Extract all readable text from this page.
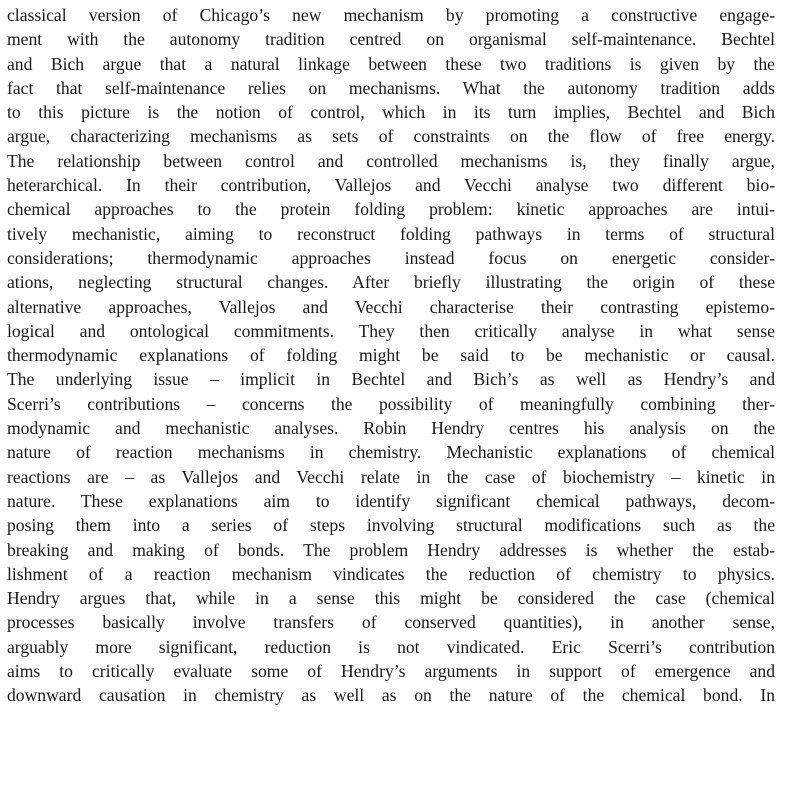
classical version of Chicago’s new mechanism by promoting a constructive engage-
ment with the autonomy tradition centred on organismal self-maintenance. Bechtel
and Bich argue that a natural linkage between these two traditions is given by the
fact that self-maintenance relies on mechanisms. What the autonomy tradition adds
to this picture is the notion of control, which in its turn implies, Bechtel and Bich
argue, characterizing mechanisms as sets of constraints on the flow of free energy.
The relationship between control and controlled mechanisms is, they finally argue,
heterarchical. In their contribution, Vallejos and Vecchi analyse two different bio-
chemical approaches to the protein folding problem: kinetic approaches are intui-
tively mechanistic, aiming to reconstruct folding pathways in terms of structural
considerations; thermodynamic approaches instead focus on energetic consider-
ations, neglecting structural changes. After briefly illustrating the origin of these
alternative approaches, Vallejos and Vecchi characterise their contrasting epistemo-
logical and ontological commitments. They then critically analyse in what sense
thermodynamic explanations of folding might be said to be mechanistic or causal.
The underlying issue – implicit in Bechtel and Bich’s as well as Hendry’s and
Scerri’s contributions – concerns the possibility of meaningfully combining ther-
modynamic and mechanistic analyses. Robin Hendry centres his analysis on the
nature of reaction mechanisms in chemistry. Mechanistic explanations of chemical
reactions are – as Vallejos and Vecchi relate in the case of biochemistry – kinetic in
nature. These explanations aim to identify significant chemical pathways, decom-
posing them into a series of steps involving structural modifications such as the
breaking and making of bonds. The problem Hendry addresses is whether the estab-
lishment of a reaction mechanism vindicates the reduction of chemistry to physics.
Hendry argues that, while in a sense this might be considered the case (chemical
processes basically involve transfers of conserved quantities), in another sense,
arguably more significant, reduction is not vindicated. Eric Scerri’s contribution
aims to critically evaluate some of Hendry’s arguments in support of emergence and
downward causation in chemistry as well as on the nature of the chemical bond. In
